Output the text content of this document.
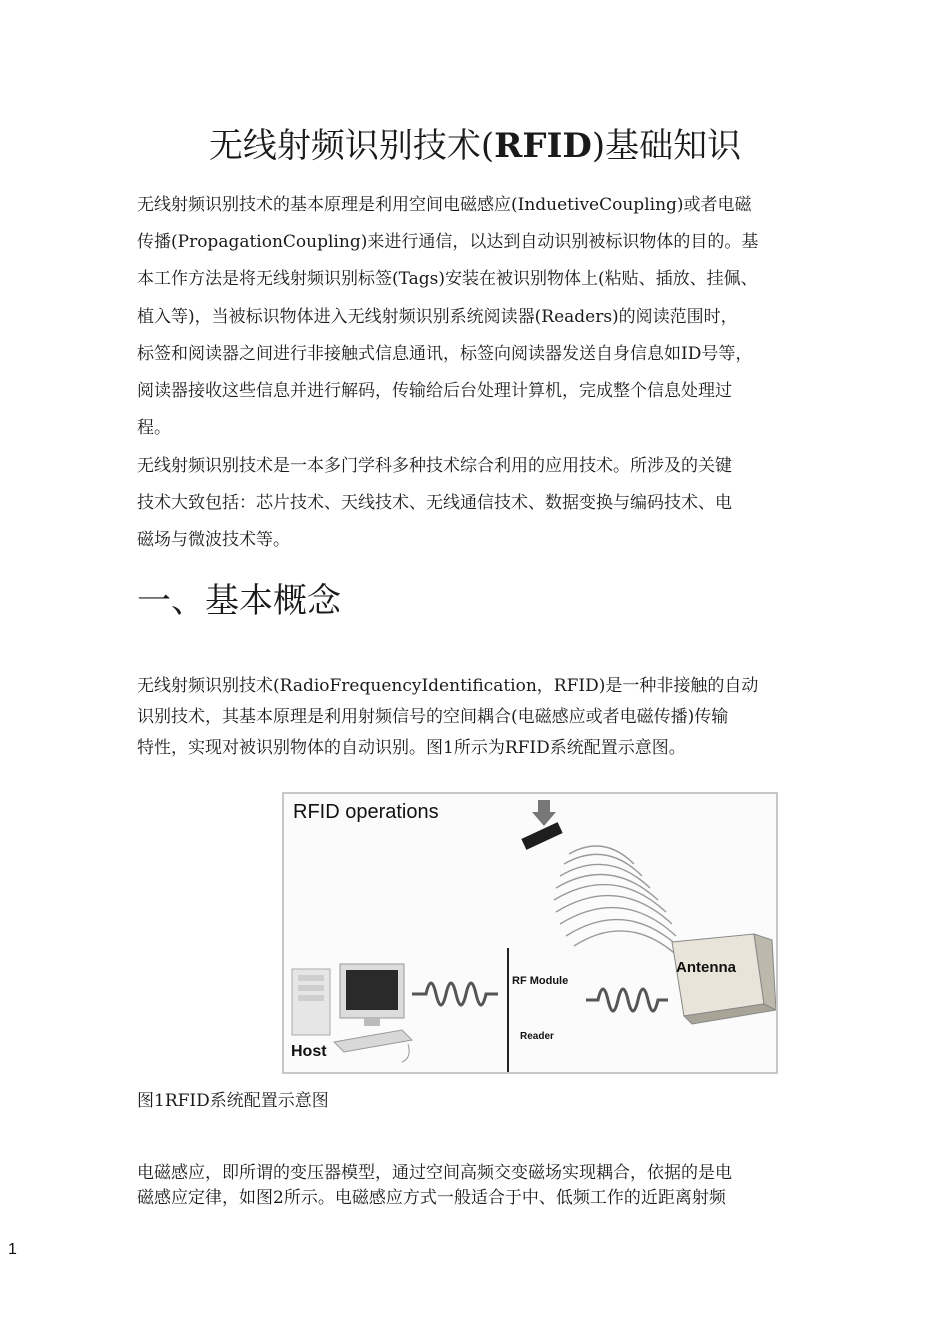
无线射频识别技术(RFID)基础知识
无线射频识别技术的基本原理是利用空间电磁感应(InduetiveCoupling)或者电磁
传播(PropagationCoupling)来进行通信，以达到自动识别被标识物体的目的。基
本工作方法是将无线射频识别标签(Tags)安装在被识别物体上(粘贴、插放、挂佩、
植入等)，当被标识物体进入无线射频识别系统阅读器(Readers)的阅读范围时，
标签和阅读器之间进行非接触式信息通讯，标签向阅读器发送自身信息如ID号等，
阅读器接收这些信息并进行解码，传输给后台处理计算机，完成整个信息处理过
程。
无线射频识别技术是一本多门学科多种技术综合利用的应用技术。所涉及的关键
技术大致包括：芯片技术、天线技术、无线通信技术、数据变换与编码技术、电
磁场与微波技术等。
一、基本概念
无线射频识别技术(RadioFrequencyIdentification，RFID)是一种非接触的自动
识别技术，其基本原理是利用射频信号的空间耦合(电磁感应或者电磁传播)传输
特性，实现对被识别物体的自动识别。图1所示为RFID系统配置示意图。
RFID operations
Host
RF Module
Reader
Antenna
图1RFID系统配置示意图
电磁感应，即所谓的变压器模型，通过空间高频交变磁场实现耦合，依据的是电
磁感应定律，如图2所示。电磁感应方式一般适合于中、低频工作的近距离射频
1
